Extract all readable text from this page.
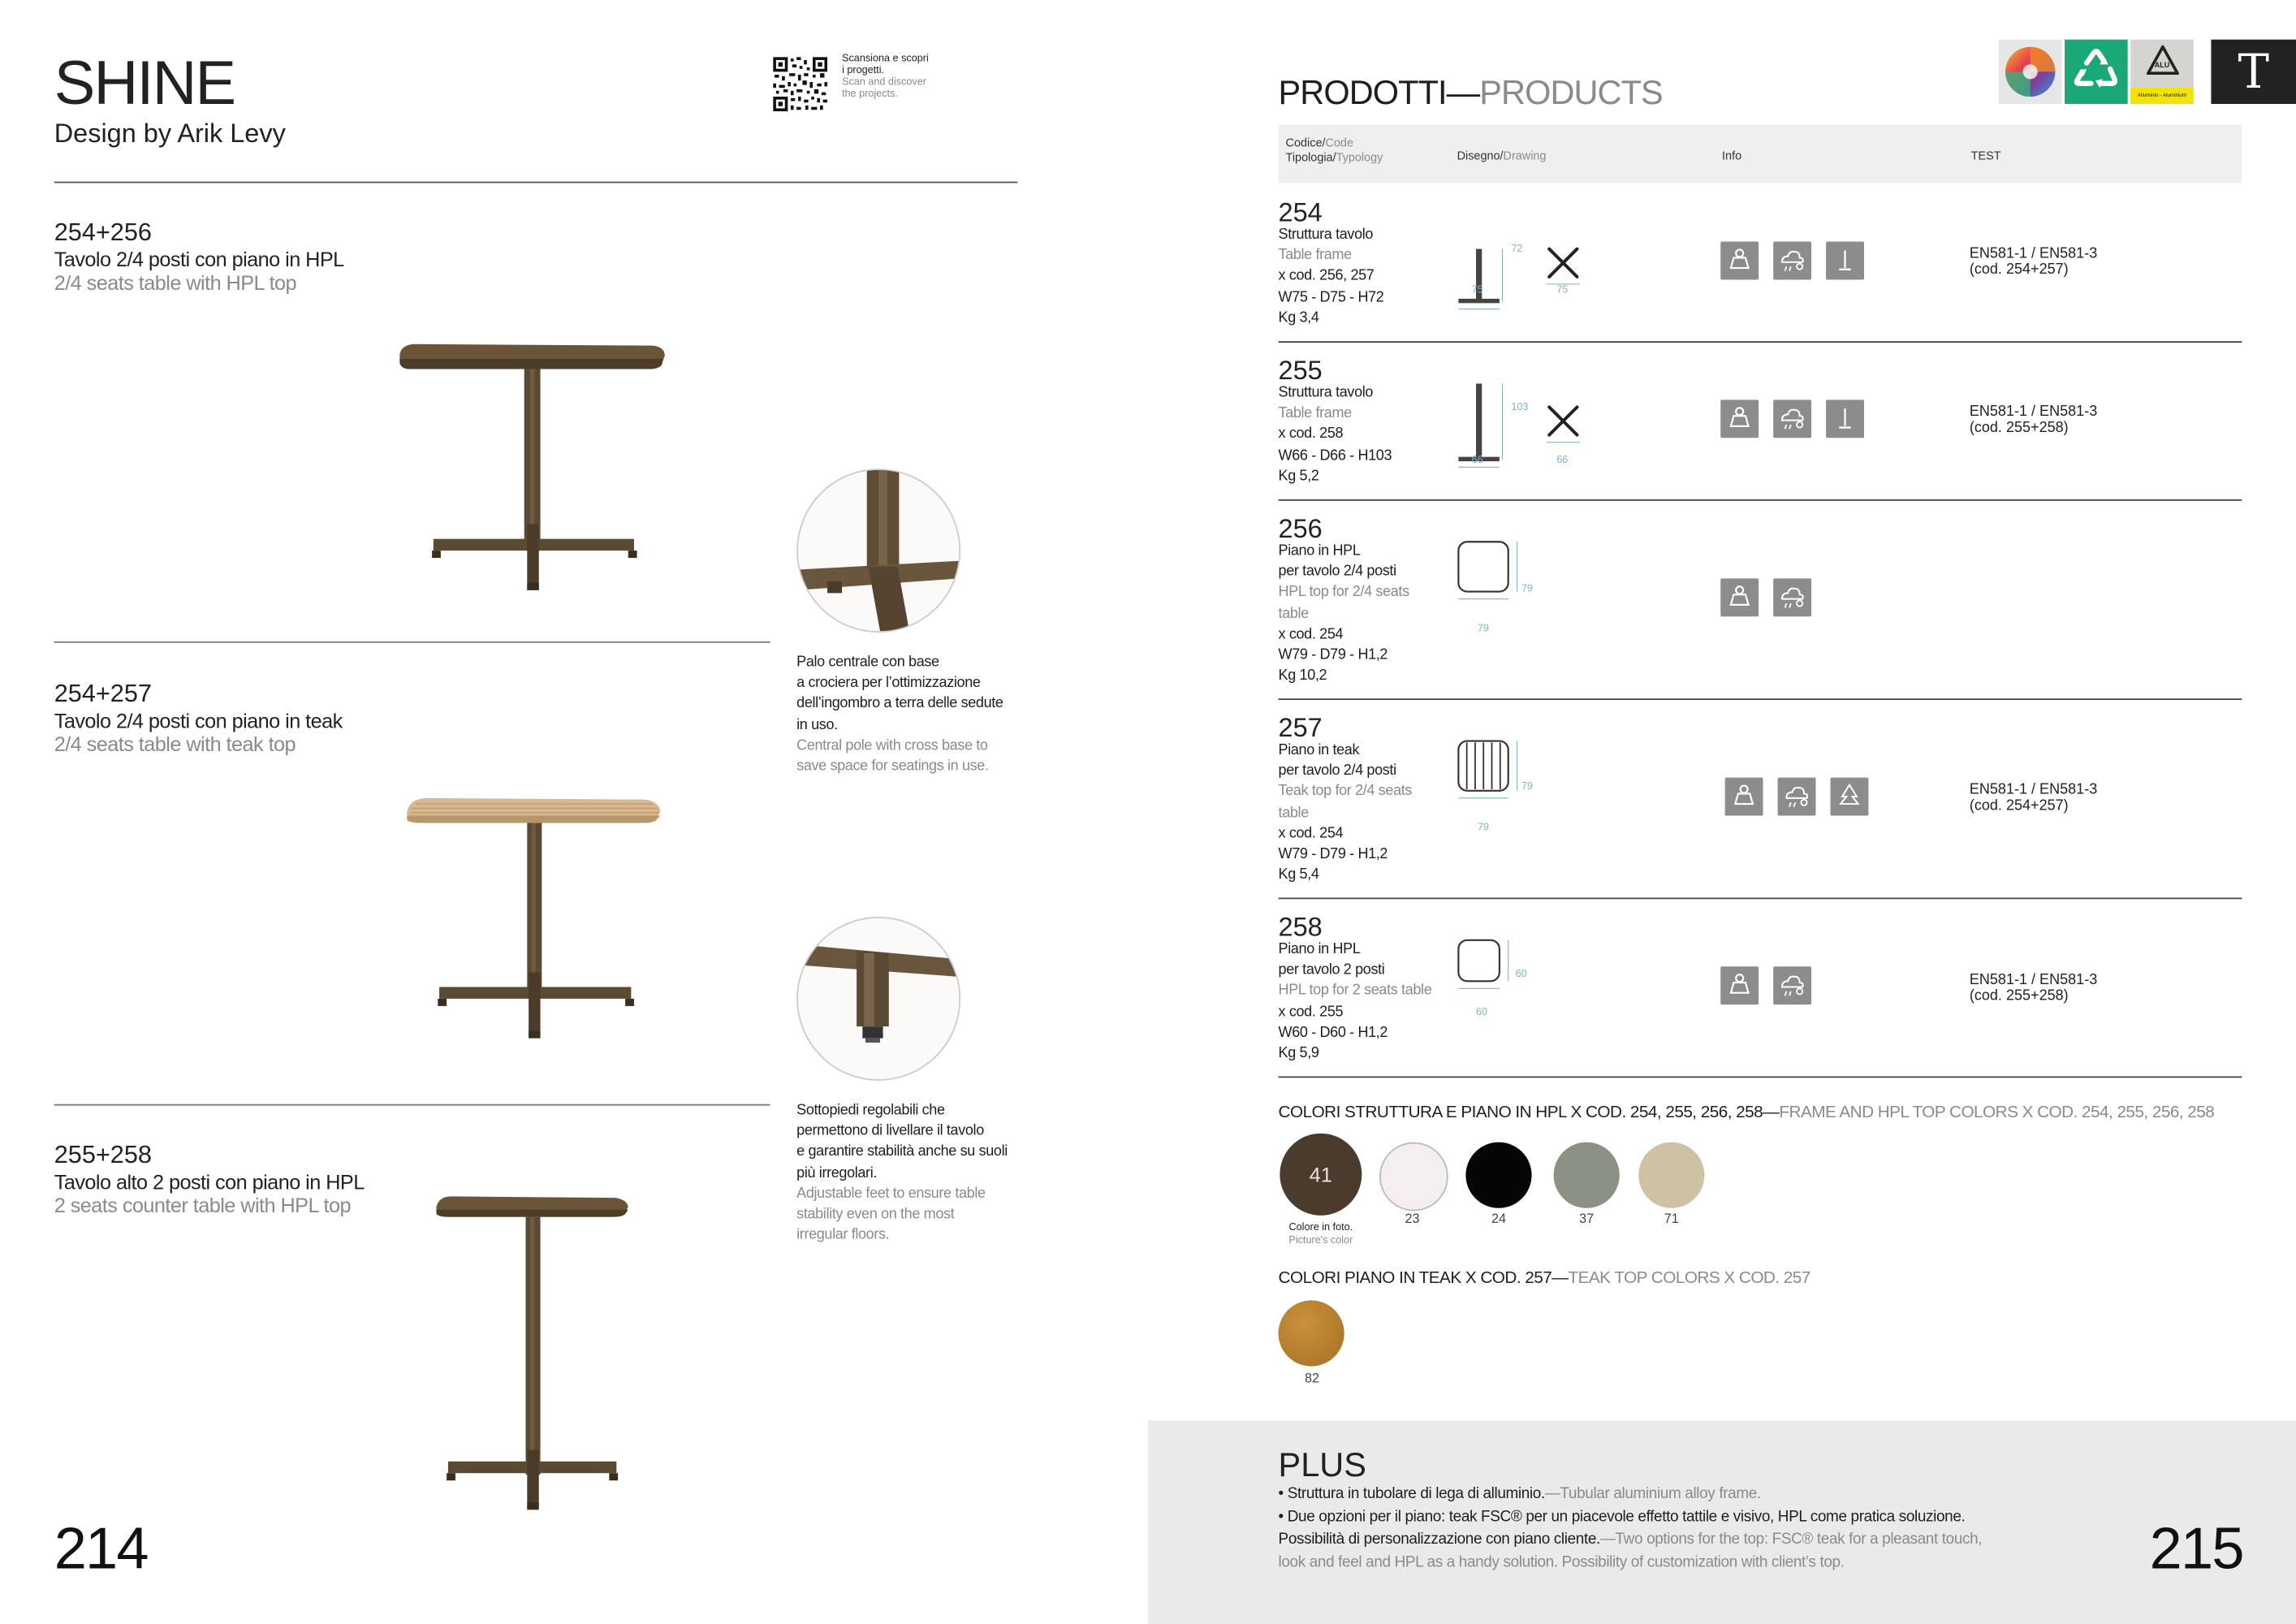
SHINE
Design by Arik Levy
Scansiona e scopri
i progetti.
Scan and discover
the projects.
254+256
Tavolo 2/4 posti con piano in HPL
2/4 seats table with HPL top
Palo centrale con base
a crociera per l’ottimizzazione
dell’ingombro a terra delle sedute
in uso.
Central pole with cross base to
save space for seatings in use.
254+257
Tavolo 2/4 posti con piano in teak
2/4 seats table with teak top
Sottopiedi regolabili che
permettono di livellare il tavolo
e garantire stabilità anche su suoli
più irregolari.
Adjustable feet to ensure table
stability even on the most
irregular floors.
255+258
Tavolo alto 2 posti con piano in HPL
2 seats counter table with HPL top
214
PRODOTTI—PRODUCTS
ALU
Alluminio - Aluminium	T
Codice/Code
Tipologia/Typology	Disegno/Drawing	Info	TEST
254
Struttura tavolo
Table frame
x cod. 256, 257
W75 - D75 - H72
Kg 3,4
72
75	75
EN581-1 / EN581-3
(cod. 254+257)
255
Struttura tavolo
Table frame
x cod. 258
W66 - D66 - H103
Kg 5,2
103
66	66
EN581-1 / EN581-3
(cod. 255+258)
256
Piano in HPL
per tavolo 2/4 posti
HPL top for 2/4 seats
table
x cod. 254
W79 - D79 - H1,2
Kg 10,2
79
79
257
Piano in teak
per tavolo 2/4 posti
Teak top for 2/4 seats
table
x cod. 254
W79 - D79 - H1,2
Kg 5,4
79
79
EN581-1 / EN581-3
(cod. 254+257)
258
Piano in HPL
per tavolo 2 posti
HPL top for 2 seats table
x cod. 255
W60 - D60 - H1,2
Kg 5,9
60
60
EN581-1 / EN581-3
(cod. 255+258)
COLORI STRUTTURA E PIANO IN HPL X COD. 254, 255, 256, 258—FRAME AND HPL TOP COLORS X COD. 254, 255, 256, 258
41
23	24	37	71
Colore in foto.
Picture's color
COLORI PIANO IN TEAK X COD. 257—TEAK TOP COLORS X COD. 257
82
PLUS
• Struttura in tubolare di lega di alluminio.—Tubular aluminium alloy frame.
• Due opzioni per il piano: teak FSC® per un piacevole effetto tattile e visivo, HPL come pratica soluzione.
Possibilità di personalizzazione con piano cliente.—Two options for the top: FSC® teak for a pleasant touch,
look and feel and HPL as a handy solution. Possibility of customization with client’s top.	215
